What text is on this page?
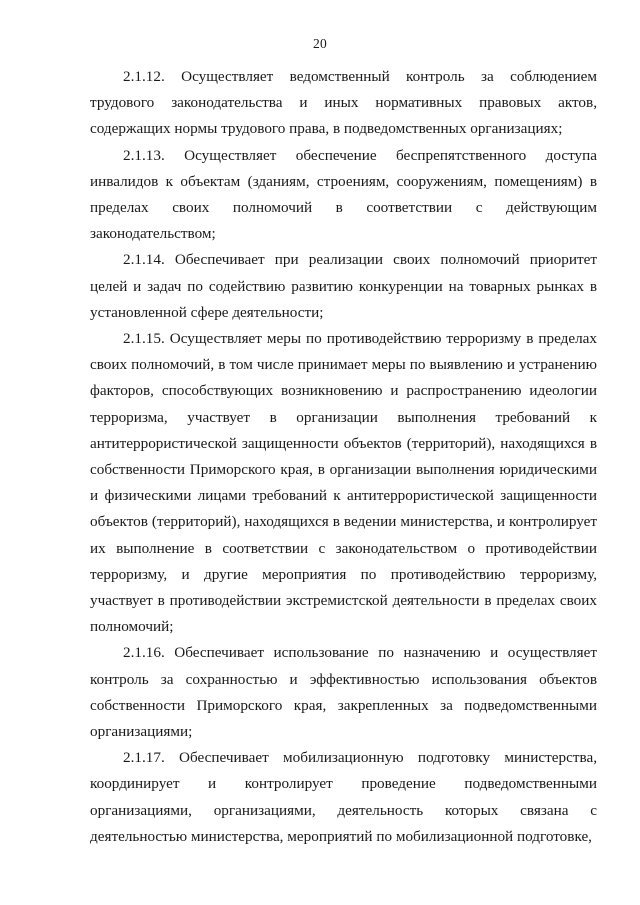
20

2.1.12. Осуществляет ведомственный контроль за соблюдением трудового законодательства и иных нормативных правовых актов, содержащих нормы трудового права, в подведомственных организациях;

2.1.13. Осуществляет обеспечение беспрепятственного доступа инвалидов к объектам (зданиям, строениям, сооружениям, помещениям) в пределах своих полномочий в соответствии с действующим законодательством;

2.1.14. Обеспечивает при реализации своих полномочий приоритет целей и задач по содействию развитию конкуренции на товарных рынках в установленной сфере деятельности;

2.1.15. Осуществляет меры по противодействию терроризму в пределах своих полномочий, в том числе принимает меры по выявлению и устранению факторов, способствующих возникновению и распространению идеологии терроризма, участвует в организации выполнения требований к антитеррористической защищенности объектов (территорий), находящихся в собственности Приморского края, в организации выполнения юридическими и физическими лицами требований к антитеррористической защищенности объектов (территорий), находящихся в ведении министерства, и контролирует их выполнение в соответствии с законодательством о противодействии терроризму, и другие мероприятия по противодействию терроризму, участвует в противодействии экстремистской деятельности в пределах своих полномочий;

2.1.16. Обеспечивает использование по назначению и осуществляет контроль за сохранностью и эффективностью использования объектов собственности Приморского края, закрепленных за подведомственными организациями;

2.1.17. Обеспечивает мобилизационную подготовку министерства, координирует и контролирует проведение подведомственными организациями, организациями, деятельность которых связана с деятельностью министерства, мероприятий по мобилизационной подготовке,
